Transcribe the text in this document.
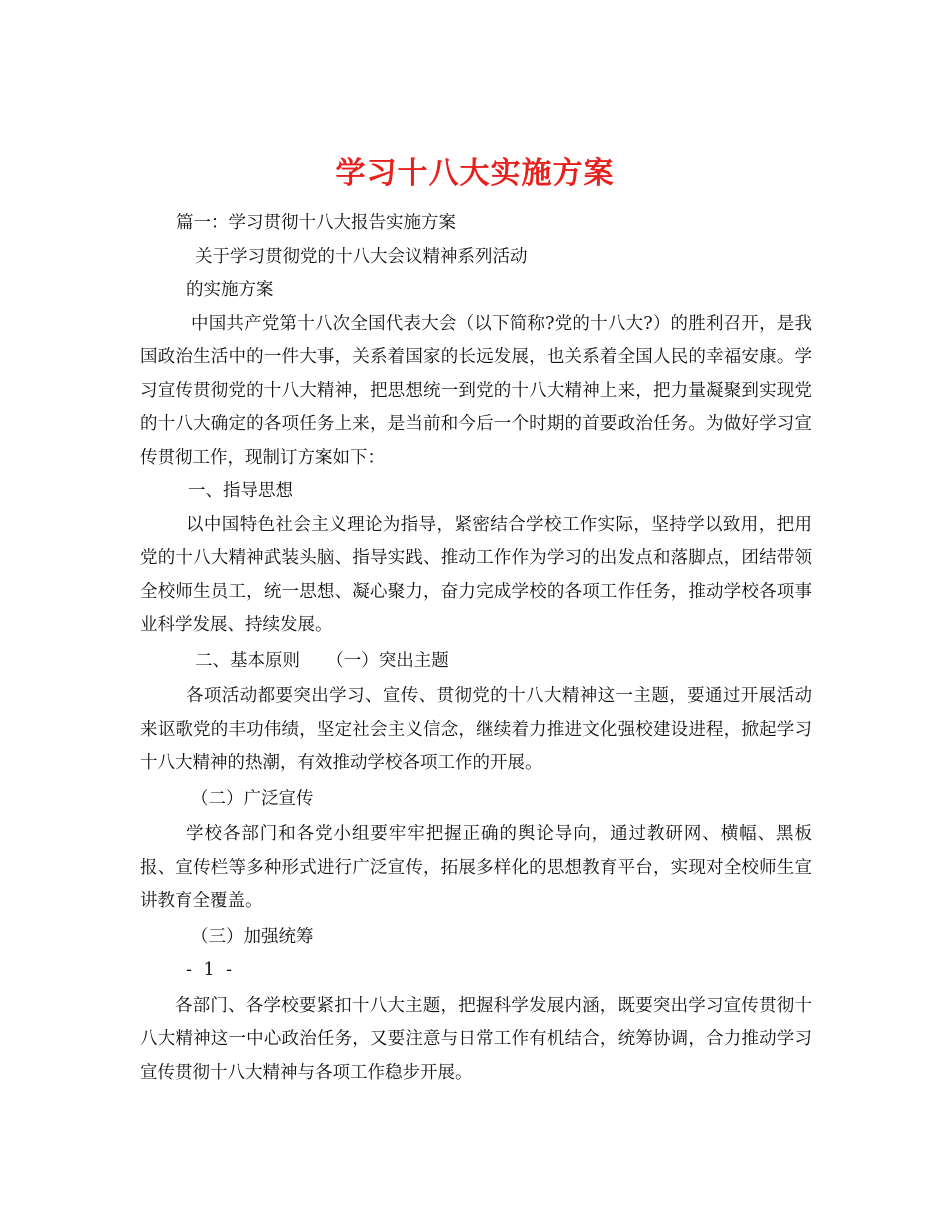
学习十八大实施方案

篇一：学习贯彻十八大报告实施方案

关于学习贯彻党的十八大会议精神系列活动

的实施方案

中国共产党第十八次全国代表大会（以下简称?党的十八大?）的胜利召开，是我国政治生活中的一件大事，关系着国家的长远发展，也关系着全国人民的幸福安康。学习宣传贯彻党的十八大精神，把思想统一到党的十八大精神上来，把力量凝聚到实现党的十八大确定的各项任务上来，是当前和今后一个时期的首要政治任务。为做好学习宣传贯彻工作，现制订方案如下：

一、指导思想

以中国特色社会主义理论为指导，紧密结合学校工作实际，坚持学以致用，把用党的十八大精神武装头脑、指导实践、推动工作作为学习的出发点和落脚点，团结带领全校师生员工，统一思想、凝心聚力，奋力完成学校的各项工作任务，推动学校各项事业科学发展、持续发展。

二、基本原则　　（一）突出主题

各项活动都要突出学习、宣传、贯彻党的十八大精神这一主题，要通过开展活动来讴歌党的丰功伟绩，坚定社会主义信念，继续着力推进文化强校建设进程，掀起学习十八大精神的热潮，有效推动学校各项工作的开展。

（二）广泛宣传

学校各部门和各党小组要牢牢把握正确的舆论导向，通过教研网、横幅、黑板报、宣传栏等多种形式进行广泛宣传，拓展多样化的思想教育平台，实现对全校师生宣讲教育全覆盖。

（三）加强统筹

- 1 -

各部门、各学校要紧扣十八大主题，把握科学发展内涵，既要突出学习宣传贯彻十八大精神这一中心政治任务，又要注意与日常工作有机结合，统筹协调，合力推动学习宣传贯彻十八大精神与各项工作稳步开展。
